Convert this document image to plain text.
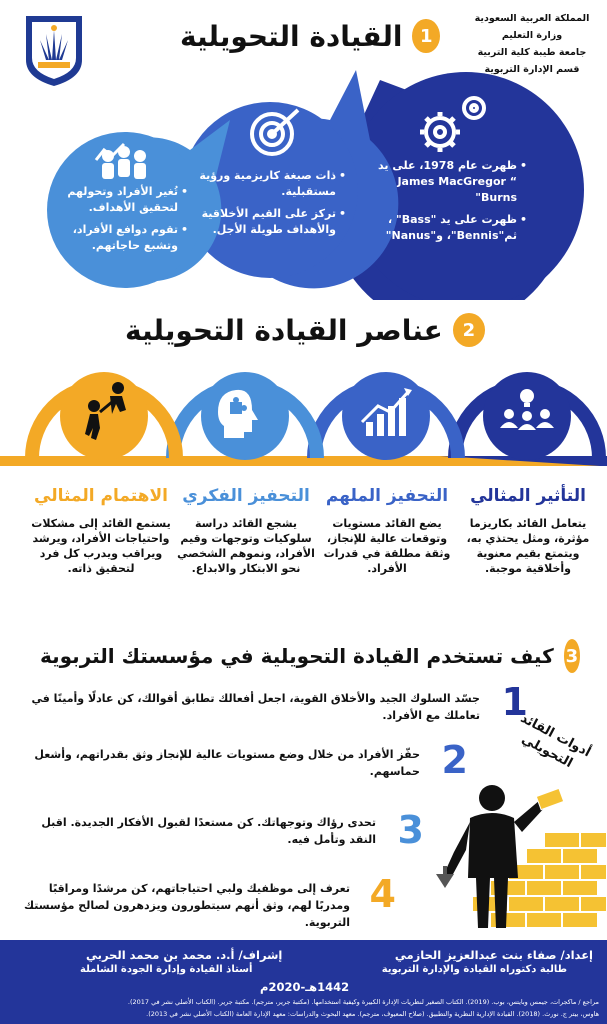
المملكة العربية السعودية
وزارة التعليم
جامعة طيبة كلية التربية
قسم الإدارة التربوية
1
القيادة التحويلية
• ظهرت عام 1978، على يد “ James MacGregor "Burns
• ظهرت على يد "Bass" ، ثم"Bennis"، و"Nanus"
• ذات صبغة كاريزمية ورؤية مستقبلية.
• تركز على القيم الأخلاقية والأهداف طويلة الأجل.
• تُغير الأفراد وتحولهم لتحقيق الأهداف.
• تقوم دوافع الأفراد، وتشبع حاجاتهم.
2
عناصر القيادة التحويلية
التأثير المثالي
يتعامل القائد بكاريزما مؤثرة، ومثل يحتذي به، ويتمتع بقيم معنوية وأخلاقية موجبة.
التحفيز الملهم
يضع القائد مستويات وتوقعات عالية للإنجاز، وثقة مطلقة في قدرات الأفراد.
التحفيز الفكري
يشجع القائد دراسة سلوكيات وتوجهات وقيم الأفراد، ونموهم الشخصي نحو الابتكار والابداع.
الاهتمام المثالي
يستمع القائد إلى مشكلات واحتياجات الأفراد، ويرشد ويراقب ويدرب كل فرد لتحقيق ذاته.
3
كيف تستخدم القيادة التحويلية في مؤسستك التربوية
1
جسّد السلوك الجيد والأخلاق القوية، اجعل أفعالك تطابق أقوالك، كن عادلًا وأمينًا في تعاملك مع الأفراد.
2
حفّز الأفراد من خلال وضع مستويات عالية للإنجاز وثق بقدراتهم، وأشعل حماسهم.
3
تحدى رؤاك وتوجهاتك. كن مستعدًا لقبول الأفكار الجديدة. اقبل النقد وتأمل فيه.
4
تعرف إلى موظفيك ولبي احتياجاتهم، كن مرشدًا ومراقبًا ومدربًا لهم، وثق أنهم سيتطورون ويزدهرون لصالح مؤسستك التربوية.
أدوات القائد التحويلي
إعداد/ صفاء بنت عبدالعزيز الحازمي
طالبة دكتوراه القيادة والإدارة التربوية
إشراف/ أ.د. محمد بن محمد الحربي
أستاذ القيادة وإدارة الجودة الشاملة
1442هـ-2020م
مراجع / ماكجرات، جيمس وبايتس، بوب. (2019). الكتاب الصغير لنظريات الإدارة الكبيرة وكيفية استخدامها. (مكتبة جرير، مترجم). مكتبة جرير. (الكتاب الأصلي نشر في 2017).
هاوس، بيتر ج. نورث. (2018). القيادة الإدارية النظرية والتطبيق. (صلاح المعيوف، مترجم). معهد البحوث والدراسات: معهد الإدارة العامة (الكتاب الأصلي نشر في 2013).
